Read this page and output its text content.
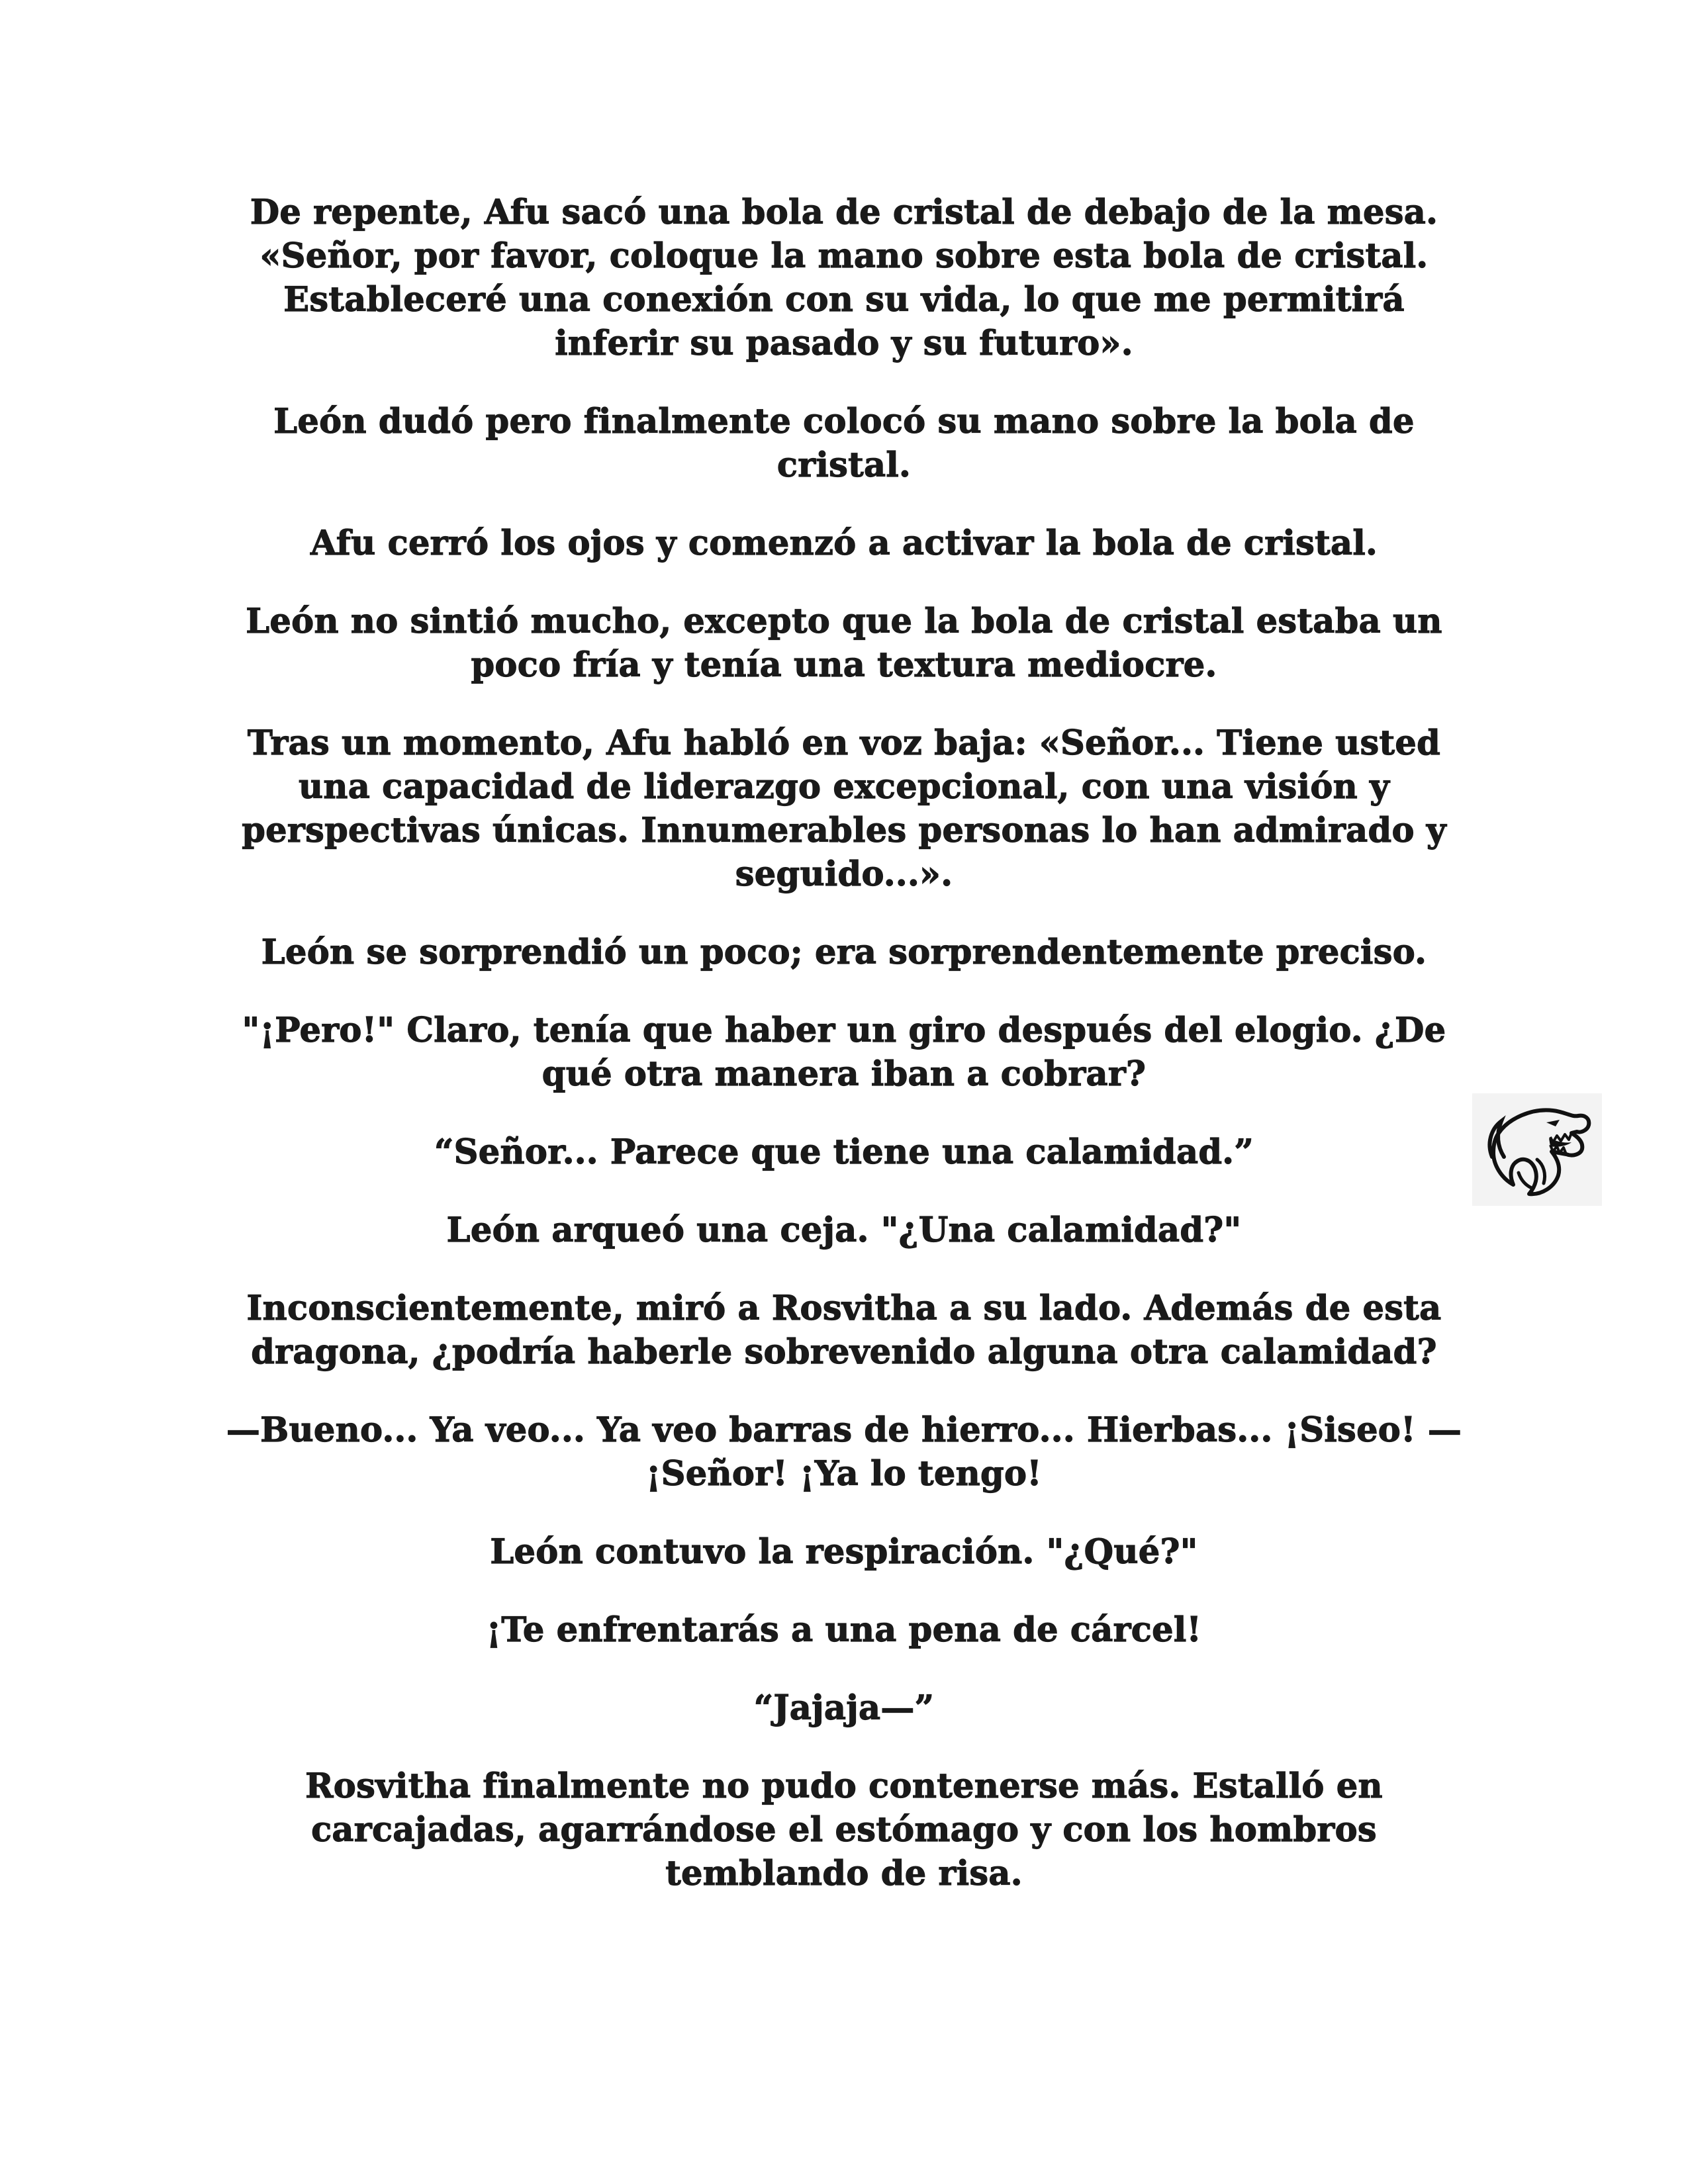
De repente, Afu sacó una bola de cristal de debajo de la mesa. «Señor, por favor, coloque la mano sobre esta bola de cristal. Estableceré una conexión con su vida, lo que me permitirá inferir su pasado y su futuro».

León dudó pero finalmente colocó su mano sobre la bola de cristal.

Afu cerró los ojos y comenzó a activar la bola de cristal.

León no sintió mucho, excepto que la bola de cristal estaba un poco fría y tenía una textura mediocre.

Tras un momento, Afu habló en voz baja: «Señor... Tiene usted una capacidad de liderazgo excepcional, con una visión y perspectivas únicas. Innumerables personas lo han admirado y seguido...».

León se sorprendió un poco; era sorprendentemente preciso.

"¡Pero!" Claro, tenía que haber un giro después del elogio. ¿De qué otra manera iban a cobrar?

“Señor... Parece que tiene una calamidad.”

León arqueó una ceja. "¿Una calamidad?"

Inconscientemente, miró a Rosvitha a su lado. Además de esta dragona, ¿podría haberle sobrevenido alguna otra calamidad?

—Bueno... Ya veo... Ya veo barras de hierro... Hierbas... ¡Siseo! —¡Señor! ¡Ya lo tengo!

León contuvo la respiración. "¿Qué?"

¡Te enfrentarás a una pena de cárcel!

“Jajaja—”

Rosvitha finalmente no pudo contenerse más. Estalló en carcajadas, agarrándose el estómago y con los hombros temblando de risa.
